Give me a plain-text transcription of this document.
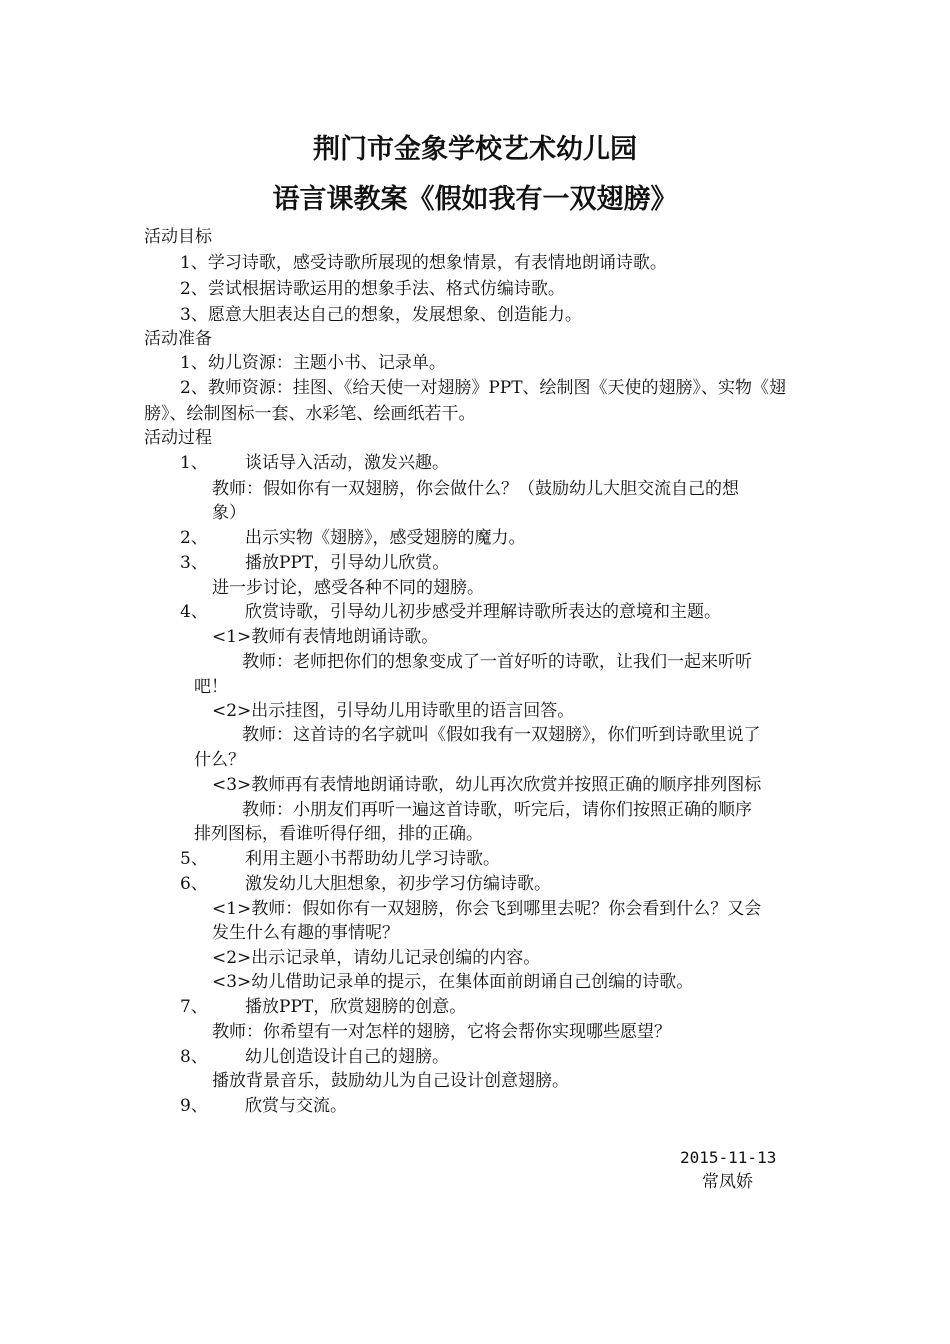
荆门市金象学校艺术幼儿园
语言课教案《假如我有一双翅膀》
活动目标
1、学习诗歌，感受诗歌所展现的想象情景，有表情地朗诵诗歌。
2、尝试根据诗歌运用的想象手法、格式仿编诗歌。
3、愿意大胆表达自己的想象，发展想象、创造能力。
活动准备
1、幼儿资源：主题小书、记录单。
2、教师资源：挂图、《给天使一对翅膀》PPT、绘制图《天使的翅膀》、实物《翅
膀》、绘制图标一套、水彩笔、绘画纸若干。
活动过程
1、 谈话导入活动，激发兴趣。
教师：假如你有一双翅膀，你会做什么？（鼓励幼儿大胆交流自己的想
象）
2、 出示实物《翅膀》，感受翅膀的魔力。
3、 播放PPT，引导幼儿欣赏。
进一步讨论，感受各种不同的翅膀。
4、 欣赏诗歌，引导幼儿初步感受并理解诗歌所表达的意境和主题。
<1>教师有表情地朗诵诗歌。
教师：老师把你们的想象变成了一首好听的诗歌，让我们一起来听听
吧！
<2>出示挂图，引导幼儿用诗歌里的语言回答。
教师：这首诗的名字就叫《假如我有一双翅膀》，你们听到诗歌里说了
什么？
<3>教师再有表情地朗诵诗歌，幼儿再次欣赏并按照正确的顺序排列图标
教师：小朋友们再听一遍这首诗歌，听完后，请你们按照正确的顺序
排列图标，看谁听得仔细，排的正确。
5、 利用主题小书帮助幼儿学习诗歌。
6、 激发幼儿大胆想象，初步学习仿编诗歌。
<1>教师：假如你有一双翅膀，你会飞到哪里去呢？你会看到什么？又会
发生什么有趣的事情呢？
<2>出示记录单，请幼儿记录创编的内容。
<3>幼儿借助记录单的提示，在集体面前朗诵自己创编的诗歌。
7、 播放PPT，欣赏翅膀的创意。
教师：你希望有一对怎样的翅膀，它将会帮你实现哪些愿望？
8、 幼儿创造设计自己的翅膀。
播放背景音乐，鼓励幼儿为自己设计创意翅膀。
9、 欣赏与交流。
2015-11-13
常凤娇
